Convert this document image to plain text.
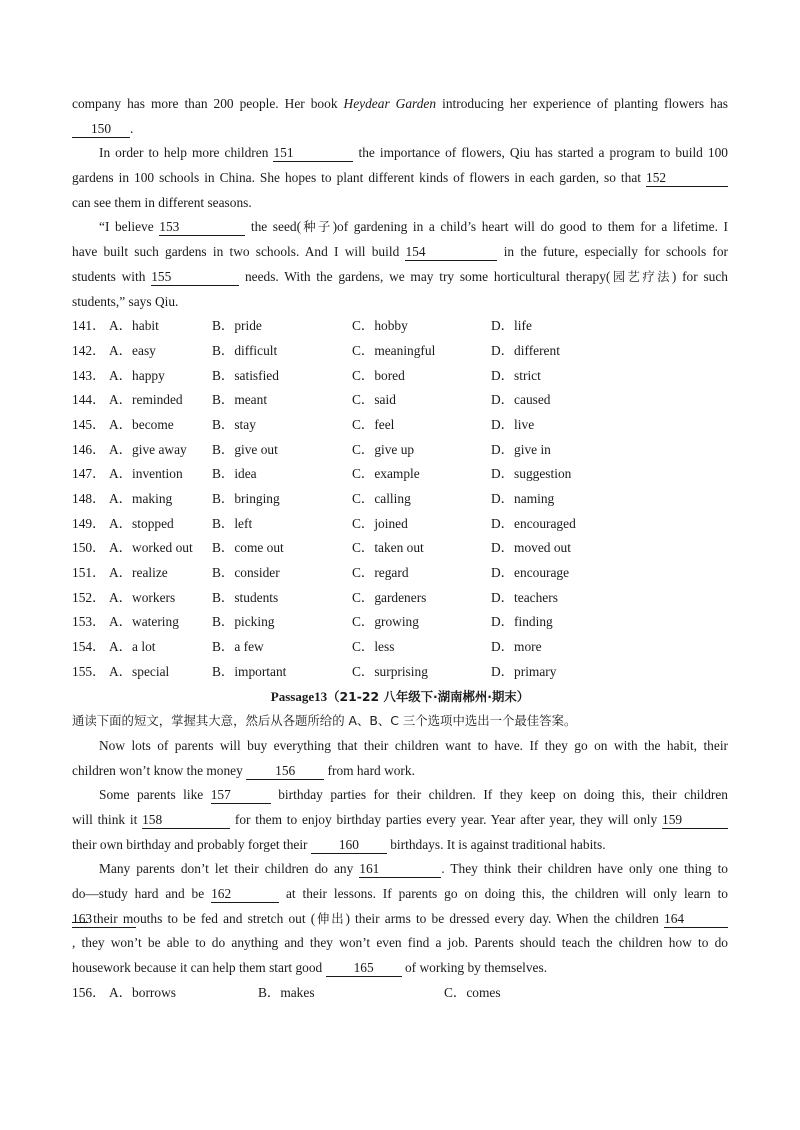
company has more than 200 people. Her book Heydear Garden introducing her experience of planting flowers has
150 .
In order to help more children 151	the importance of flowers, Qiu has started a program to build 100
gardens in 100 schools in China. She hopes to plant different kinds of flowers in each garden, so that 152
can see them in different seasons.
“I believe 153	the seed(种子)of gardening in a child’s heart will do good to them for a lifetime. I
have built such gardens in two schools. And I will build 154	in the future, especially for schools for
students with 155	needs. With the gardens, we may try some horticultural therapy(园艺疗法) for such
students,” says Qiu.
141． A．habit	B．pride	C．hobby	D．life
142． A．easy	B．difficult	C．meaningful	D．different
143． A．happy	B．satisfied	C．bored	D．strict
144． A．reminded B．meant	C．said	D．caused
145． A．become	B．stay	C．feel	D．live
146． A．give away B．give out	C．give up	D．give in
147． A．invention B．idea	C．example	D．suggestion
148． A．making	B．bringing	C．calling	D．naming
149． A．stopped	B．left	C．joined	D．encouraged
150． A．worked out B．come out	C．taken out	D．moved out
151． A．realize	B．consider	C．regard	D．encourage
152． A．workers	B．students	C．gardeners	D．teachers
153． A．watering B．picking	C．growing	D．finding
154． A．a lot	B．a few	C．less	D．more
155． A．special	B．important	C．surprising	D．primary
Passage13（21-22 八年级下·湖南郴州·期末）
通读下面的短文，掌握其大意，然后从各题所给的 A、B、C 三个选项中选出一个最佳答案。
Now lots of parents will buy everything that their children want to have. If they go on with the habit, their
children won’t know the money 156 from hard work.
Some parents like 157	birthday parties for their children. If they keep on doing this, their children
will think it 158	for them to enjoy birthday parties every year. Year after year, they will only 159
their own birthday and probably forget their 160 birthdays. It is against traditional habits.
Many parents don’t let their children do any 161	. They think their children have only one thing to
do—study hard and be 162	at their lessons. If parents go on doing this, the children will only learn to 163 their mouths to be fed and stretch out (伸出) their arms to be dressed every day. When the children 164
, they won’t be able to do anything and they won’t even find a job. Parents should teach the children how to do
housework because it can help them start good 165 of working by themselves.
156． A．borrows	B．makes	C．comes
